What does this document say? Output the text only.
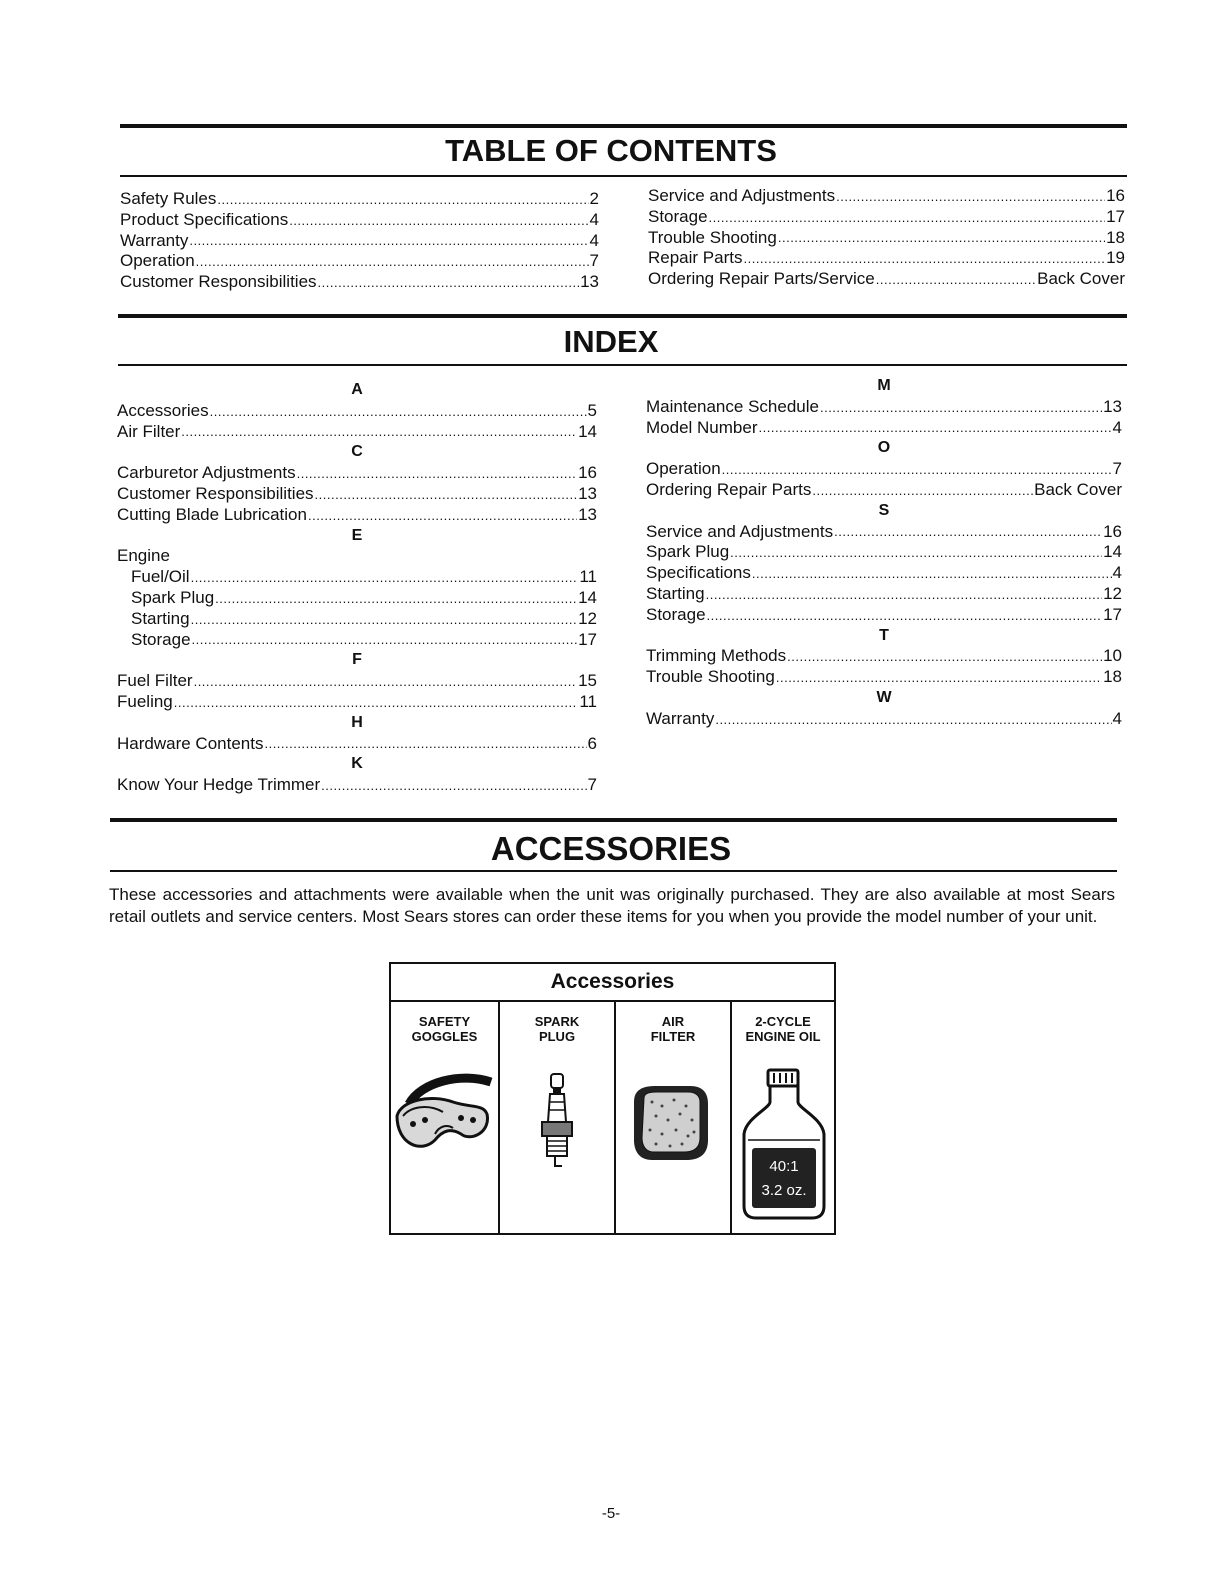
TABLE OF CONTENTS
Safety Rules .....	2
Product Specifications .....	4
Warranty .....	4
Operation .....	7
Customer Responsibilities .....	13
Service and Adjustments .....	16
Storage .....	17
Trouble Shooting .....	18
Repair Parts .....	19
Ordering Repair Parts/Service .....	Back Cover
INDEX
A
Accessories .....	5
Air Filter .....	14
C
Carburetor Adjustments .....	16
Customer Responsibilities .....	13
Cutting Blade Lubrication .....	13
E
Engine
Fuel/Oil .....	11
Spark Plug .....	14
Starting .....	12
Storage .....	17
F
Fuel Filter .....	15
Fueling .....	11
H
Hardware Contents .....	6
K
Know Your Hedge Trimmer .....	7
M
Maintenance Schedule .....	13
Model Number .....	4
O
Operation .....	7
Ordering Repair Parts .....	Back Cover
S
Service and Adjustments .....	16
Spark Plug .....	14
Specifications .....	4
Starting .....	12
Storage .....	17
T
Trimming Methods .....	10
Trouble Shooting .....	18
W
Warranty .....	4
ACCESSORIES
These accessories and attachments were available when the unit was originally purchased. They are also available at most Sears retail outlets and service centers. Most Sears stores can order these items for you when you provide the model number of your unit.
Accessories
SAFETY
GOGGLES
SPARK
PLUG
AIR
FILTER
2-CYCLE
ENGINE OIL
40:1
3.2 oz.
-5-
